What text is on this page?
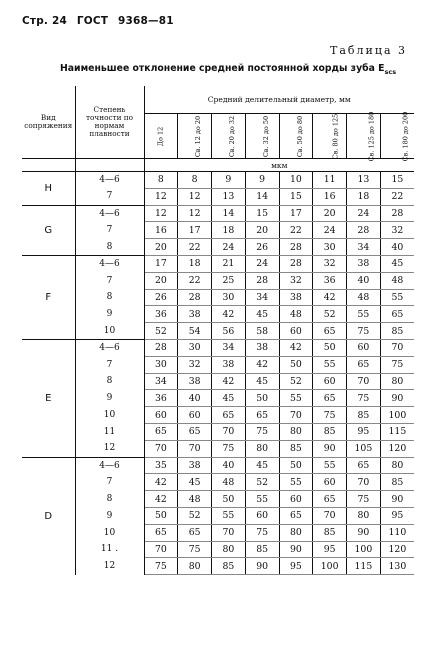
Стр. 24 ГОСТ 9368—81
Таблица 3
Наименьшее отклонение средней постоянной хорды зуба $E_{scs}$
Вид сопряжения	Степень точности по нормам плавности	Средний делительный диаметр, мм							
		До 12	Св. 12 до 20	Св. 20 до 32	Св. 32 до 50	Св. 50 до 80	Св. 80 до 125	Св. 125 до 180	Св. 180 до 200
		мкм							
H	4—6	8	8	9	9	10	11	13	15
	7	12	12	13	14	15	16	18	22
G	4—6	12	12	14	15	17	20	24	28
	7	16	17	18	20	22	24	28	32
	8	20	22	24	26	28	30	34	40
F	4—6	17	18	21	24	28	32	38	45
	7	20	22	25	28	32	36	40	48
	8	26	28	30	34	38	42	48	55
	9	36	38	42	45	48	52	55	65
	10	52	54	56	58	60	65	75	85
E	4—6	28	30	34	38	42	50	60	70
	7	30	32	38	42	50	55	65	75
	8	34	38	42	45	52	60	70	80
	9	36	40	45	50	55	65	75	90
	10	60	60	65	65	70	75	85	100
	11	65	65	70	75	80	85	95	115
	12	70	70	75	80	85	90	105	120
D	4—6	35	38	40	45	50	55	65	80
	7	42	45	48	52	55	60	70	85
	8	42	48	50	55	60	65	75	90
	9	50	52	55	60	65	70	80	95
	10	65	65	70	75	80	85	90	110
	11 .	70	75	80	85	90	95	100	120
	12	75	80	85	90	95	100	115	130
